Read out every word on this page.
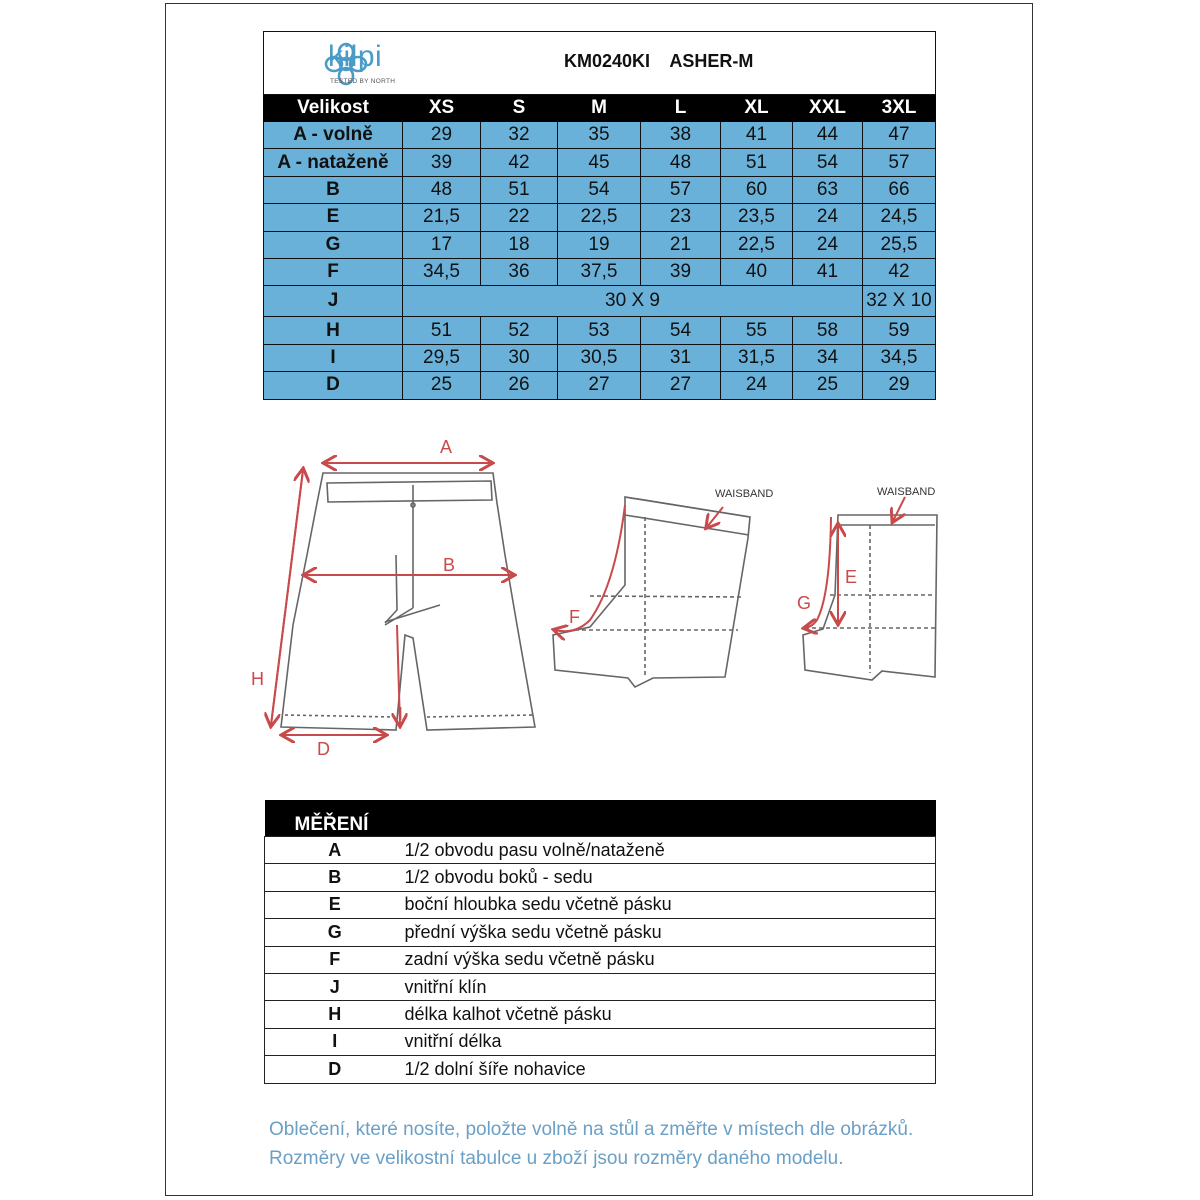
kilpi
TESTED BY NORTH
KM0240KI    ASHER-M							

Velikost	XS	S	M	L	XL	XXL	3XL
A - volně	29	32	35	38	41	44	47
A - nataženě	39	42	45	48	51	54	57
B	48	51	54	57	60	63	66
E	21,5	22	22,5	23	23,5	24	24,5
G	17	18	19	21	22,5	24	25,5
F	34,5	36	37,5	39	40	41	42
J	30 X 9						32 X 10
H	51	52	53	54	55	58	59
I	29,5	30	30,5	31	31,5	34	34,5
D	25	26	27	27	24	25	29
A
B
H
I
D
F
WAISBAND
G
E
WAISBAND
MĚŘENÍ	
A	1/2 obvodu pasu volně/nataženě
B	1/2 obvodu boků - sedu
E	boční hloubka sedu včetně pásku
G	přední výška sedu včetně pásku
F	zadní výška sedu včetně pásku
J	vnitřní klín
H	délka kalhot včetně pásku
I	vnitřní délka
D	1/2 dolní šíře nohavice
Oblečení, které nosíte, položte volně na stůl a změřte v místech dle obrázků.
Rozměry ve velikostní tabulce u zboží jsou rozměry daného modelu.
